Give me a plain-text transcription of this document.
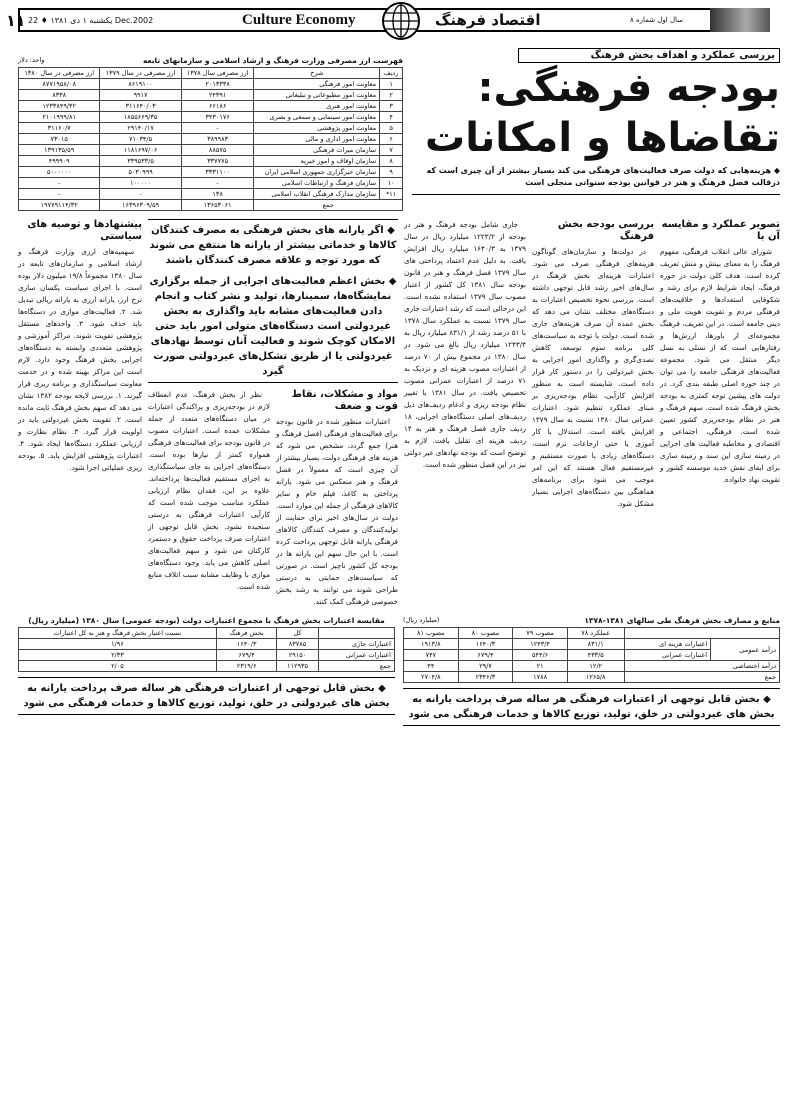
۱۱ یکشنبه ۱ دی ۱۳۸۱ ♦ 22 Dec.2002	Culture Economy	اقتصاد فرهنگ	سال اول شماره ۸
فهرست ارز مصرفی وزارت فرهنگ و ارشاد اسلامی و سازمانهای تابعه
واحد: دلار
ردیف	شرح	ارز مصرفی سال ۱۳۷۸	ارز مصرفی در سال ۱۳۷۹	ارز مصرفی در سال ۱۳۸۰
۱	معاونت امور فرهنگی	۲۰۱۳۳۳۸	۸۶۱۹۱۰۰	۸۷۷۱۹۵۸/۰۸
۲	معاونت امور مطبوعاتی و تبلیغاتی	۲۴۳۹۱	۹۹۱۷	۸۳۳۸
۳	معاونت امور هنری	۶۶۱۸۶	۳۱۱۶۴۰/۰۳	۱۲۳۳۸۴۹/۳۲
۴	معاونت امور سینمایی و سمعی و بصری	۳۴۳۰۱۷۶	۱۸۵۵۶۶۹/۳۵	۲۱۰۱۹۹۹/۸۱
۵	معاونت امور پژوهشی	-	۲۹۱۴۰/۱۷	۳۱۱۶۰/۷
۶	معاونت امور اداری و مالی	۳۸۹۹۸۳	۷۱۰۳۴/۵	۷۳۰۱۵
۷	سازمان میراث فرهنگی	۸۸۵۷۵	۱۱۸۱۶۹۷/۰۶	۱۳۹۱۳۵/۵۹
۸	سازمان اوقاف و امور خیریه	۳۳۷۷۷۵	۳۳۹۵۳۳/۵	۴۹۹۹۰۹
۹	سازمان خبرگزاری جمهوری اسلامی ایران	۳۳۳۱۱۰۰	۵۰۳۰۹۹۹	۵۰۰۰۰۰۰
۱۰	سازمان فرهنگ و ارتباطات اسلامی	-	۱۰۰۰۰۰	-
۱۱*	سازمان مدارک فرهنگی انقلاب اسلامی	۱۳۸	-	-
جمع		۱۳۶۵۳۰۶۱	۱۶۳۹۶۳۰۹/۵۹	۱۹۷۷۹۱۱۴/۳۲
بررسی عملکرد و اهداف بخش فرهنگ
بودجه فرهنگی:
تقاضاها و امکانات
◆ هزینه‌هایی که دولت صرف فعالیت‌های فرهنگی می کند بسیار بیشتر از آن چیزی است که درقالب فصل فرهنگ و هنر در قوانین بودجه سنواتی منجلی است
پیشنهادها و توصیه های سیاستی

سهمیه‌های ارزی وزارت فرهنگ و ارشاد اسلامی و سازمان‌های تابعه در سال ۱۳۸۰ مجموعاً ۱۹/۸ میلیون دلار بوده است. با اجرای سیاست یکسان سازی نرخ ارز، یارانه ارزی به یارانه ریالی تبدیل شد. ۲. فعالیت‌های موازی در دستگاه‌ها باید حذف شود. ۳. واحدهای مستقل پژوهشی تقویت شوند. مراکز آموزشی و پژوهشی متعددی وابسته به دستگاه‌های اجرایی بخش فرهنگ وجود دارد. لازم است این مراکز بهینه شده و در خدمت معاونت سیاستگذاری و برنامه ریزی قرار گیرند. ۱. بررسی لایحه بودجه ۱۳۸۲ نشان می دهد که سهم بخش فرهنگ ثابت مانده است. ۲. تقویت بخش غیردولتی باید در اولویت قرار گیرد. ۳. نظام نظارت و ارزیابی عملکرد دستگاه‌ها ایجاد شود. ۴. اعتبارات پژوهشی افزایش یابد. ۵. بودجه ریزی عملیاتی اجرا شود.

◆ اگر یارانه های بخش فرهنگی به مصرف کنندگان کالاها و خدماتی بیشتر از یارانه ها منتفع می شوند که مورد توجه و علاقه مصرف کنندگان باشند
◆ بخش اعظم فعالیت‌های اجرایی از جمله برگزاری نمایشگاه‌ها، سمینارها، تولید و نشر کتاب و انجام دادن فعالیت‌های مشابه باید واگذاری به بخش غیردولتی است دستگاه‌های متولی امور باید حتی الامکان کوچک شوند و فعالیت آنان توسط نهادهای غیردولتی یا از طریق تشکل‌های غیردولتی صورت گیرد

نظر از بخش فرهنگ، عدم انعطاف لازم در بودجه‌ریزی و پراکندگی اعتبارات در میان دستگاه‌های متعدد از جمله مشکلات عمده است. اعتبارات مصوب در قانون بودجه برای فعالیت‌های فرهنگی همواره کمتر از نیازها بوده است. دستگاه‌های اجرایی به جای سیاستگذاری به اجرای مستقیم فعالیت‌ها پرداخته‌اند. علاوه بر این، فقدان نظام ارزیابی عملکرد مناسب موجب شده است که کارآیی اعتبارات فرهنگی به درستی سنجیده نشود. بخش قابل توجهی از اعتبارات صرف پرداخت حقوق و دستمزد کارکنان می شود و سهم فعالیت‌های اصلی کاهش می یابد. وجود دستگاه‌های موازی با وظایف مشابه سبب اتلاف منابع شده است.

مواد و مشکلات، نقاط قوت و ضعف

اعتبارات منظور شده در قانون بودجه برای فعالیت‌های فرهنگی (فصل فرهنگ و هنر) جمع گردد، مشخص می شود که هزینه های فرهنگی دولت، بسیار بیشتر از آن چیزی است که معمولاً در فصل فرهنگ و هنر منعکس می شود. یارانه پرداختی به کاغذ، فیلم خام و سایر کالاهای فرهنگی از جمله این موارد است. دولت در سال‌های اخیر برای حمایت از تولیدکنندگان و مصرف کنندگان کالاهای فرهنگی یارانه قابل توجهی پرداخت کرده است. با این حال سهم این یارانه ها در بودجه کل کشور ناچیز است. در صورتی که سیاست‌های حمایتی به درستی طراحی شوند می توانند به رشد بخش خصوصی فرهنگی کمک کنند.

جاری شامل بودجه فرهنگ و هنر در بودجه از ۱۲۲۳/۲ میلیارد ریال در سال ۱۳۷۹ به ۱۶۴۰/۳ میلیارد ریال افزایش یافت. به دلیل عدم اعتماد پرداختی های سال ۱۳۷۹ فصل فرهنگ و هنر در قانون بودجه سال ۱۳۸۱ کل کشور از اعتبار مصوب سال ۱۳۷۹ استفاده نشده است. این درحالی است که رشد اعتبارات جاری سال ۱۳۷۹ نسبت به عملکرد سال ۱۳۷۸ با ۵۱ درصد رشد از ۸۳۱/۱ میلیارد ریال به ۱۲۴۳/۴ میلیارد ریال بالغ می شود. در سال ۱۳۸۰ در مجموع بیش از ۷۰ درصد از اعتبارات مصوب هزینه ای و نزدیک به ۷۱ درصد از اعتبارات عمرانی مصوب تخصیص یافت. در سال ۱۳۸۱ با تغییر نظام بودجه ریزی و ادغام ردیف‌های ذیل ردیف‌های اصلی دستگاه‌های اجرایی، ۱۸ ردیف جاری فصل فرهنگ و هنر به ۱۴ ردیف هزینه ای تقلیل یافت. لازم به توضیح است که بودجه نهادهای غیر دولتی نیز در این فصل منظور شده است.

بررسی بودجه بخش فرهنگ

در دولت‌ها و سازمان‌های گوناگون هزینه‌های فرهنگی صرف می شود. اعتبارات هزینه‌ای بخش فرهنگ در سال‌های اخیر رشد قابل توجهی داشته است. بررسی نحوه تخصیص اعتبارات به دستگاه‌های مختلف نشان می دهد که بخش عمده آن صرف هزینه‌های جاری شده است. دولت با توجه به سیاست‌های کلی برنامه سوم توسعه، کاهش تصدی‌گری و واگذاری امور اجرایی به بخش غیردولتی را در دستور کار قرار داده است. شایسته است به منظور افزایش کارآیی، نظام بودجه‌ریزی بر مبنای عملکرد تنظیم شود. اعتبارات عمرانی سال ۱۳۸۰ نسبت به سال ۱۳۷۹ افزایش یافته است. استدلال با کار آموزی یا حتی ارجاعات نرم است، دستگاه‌های زیادی با صورت مستقیم و غیرمستقیم فعال هستند که این امر موجب می شود برای برنامه‌های هماهنگی بین دستگاه‌های اجرایی بسیار مشکل شود.

تصویر عملکرد و مقایسه آن با

شورای عالی انقلاب فرهنگی، مفهوم فرهنگ را به معنای بینش و منش تعریف کرده است. هدف کلی دولت در حوزه فرهنگ، ایجاد شرایط لازم برای رشد و شکوفایی استعدادها و خلاقیت‌های فرهنگی مردم و تقویت هویت ملی و دینی جامعه است. در این تعریف، فرهنگ مجموعه‌ای از باورها، ارزش‌ها و رفتارهایی است که از نسلی به نسل دیگر منتقل می شود. مجموعه فعالیت‌های فرهنگی جامعه را می توان در چند حوزه اصلی طبقه بندی کرد. در دولت های پیشین توجه کمتری به بودجه بخش فرهنگ شده است. سهم فرهنگ و هنر در نظام بودجه‌ریزی کشور تعیین شده است. فرهنگی، اجتماعی و اقتصادی و مخاطبه فعالیت های اجرایی در زمینه سازی این سند و زمینه سازی برای ایفای نقش جدید موسسه کشور و تقویت نهاد خانواده.

مقایسه اعتبارات بخش فرهنگ با مجموع اعتبارات دولت (بودجه عمومی) سال ۱۳۸۰ (میلیارد ریال)
	کل	بخش فرهنگ	نسبت اعتبار بخش فرهنگ و هنر به کل اعتبارات
اعتبارات جاری	۸۳۷۸۵	۱۶۴۰/۳	۱/۹۶
اعتبارات عمرانی	۲۹۱۵۰	۶۷۹/۴	۲/۳۳
جمع	۱۱۲۹۳۵	۲۳۱۹/۶	۲/۰۵
◆ بخش قابل توجهی از اعتبارات فرهنگی هر ساله صرف پرداخت یارانه به بخش های غیردولتی در خلق، تولید، توزیع کالاها و خدمات فرهنگی می شود
منابع و مصارف بخش فرهنگ طی سالهای ۱۳۸۱-۱۳۷۸
(میلیارد ریال)
		عملکرد ۷۸	مصوب ۷۹	مصوب ۸۰	مصوب ۸۱
درآمد عمومی	اعتبارات هزینه ای	۸۳۱/۱	۱۲۴۳/۴	۱۶۴۰/۳	۱۹۱۳/۸
	اعتبارات عمرانی	۴۳۳/۵	۵۴۴/۶	۶۷۹/۴	۷۴۷
درآمد اختصاصی		۱۲/۲	۲۱	۲۹/۷	۴۴
جمع		۱۲۶۵/۸	۱۷۸۸	۲۳۴۶/۳	۲۷۰۴/۸
◆ بخش قابل توجهی از اعتبارات فرهنگی هر ساله صرف پرداخت یارانه به بخش های غیردولتی در خلق، تولید، توزیع کالاها و خدمات فرهنگی می شود
